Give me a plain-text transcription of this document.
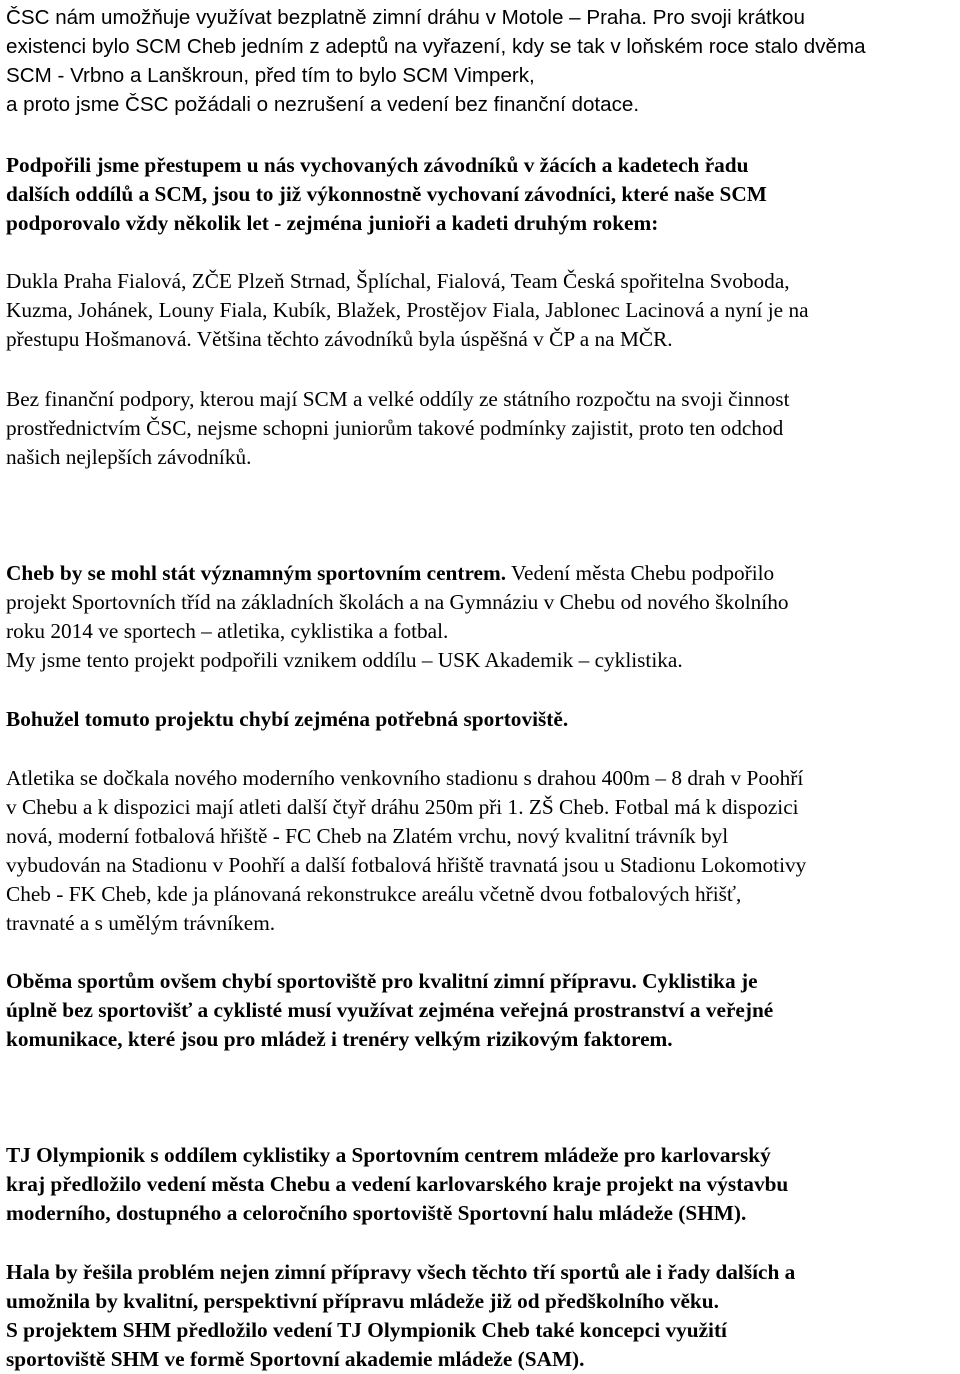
ČSC nám umožňuje využívat bezplatně zimní dráhu v Motole – Praha. Pro svoji krátkou

existenci bylo SCM Cheb jedním z adeptů na vyřazení, kdy se tak v loňském roce stalo dvěma

SCM - Vrbno a Lanškroun, před tím to bylo SCM Vimperk,

a proto jsme ČSC požádali o nezrušení a vedení bez finanční dotace.

Podpořili jsme přestupem u nás vychovaných závodníků v žácích a kadetech řadu

dalších oddílů a SCM, jsou to již výkonnostně vychovaní závodníci, které naše SCM

podporovalo vždy několik let - zejména junioři a kadeti druhým rokem:

Dukla Praha Fialová, ZČE Plzeň Strnad, Šplíchal, Fialová, Team Česká spořitelna Svoboda,

Kuzma, Johánek, Louny Fiala, Kubík, Blažek, Prostějov Fiala, Jablonec Lacinová a nyní je na

přestupu Hošmanová. Většina těchto závodníků byla úspěšná v ČP a na MČR.

Bez finanční podpory, kterou mají SCM a velké oddíly ze státního rozpočtu na svoji činnost

prostřednictvím ČSC, nejsme schopni juniorům takové podmínky zajistit, proto ten odchod

našich nejlepších závodníků.

Cheb by se mohl stát významným sportovním centrem. Vedení města Chebu podpořilo

projekt Sportovních tříd na základních školách a na Gymnáziu v Chebu od nového školního

roku 2014 ve sportech – atletika, cyklistika a fotbal.

My jsme tento projekt podpořili vznikem oddílu – USK Akademik – cyklistika.

Bohužel tomuto projektu chybí zejména potřebná sportoviště.

Atletika se dočkala nového moderního venkovního stadionu s drahou 400m – 8 drah v Poohří

v Chebu a k dispozici mají atleti další čtyř dráhu 250m při 1. ZŠ Cheb. Fotbal má k dispozici

nová, moderní fotbalová hřiště - FC Cheb na Zlatém vrchu, nový kvalitní trávník byl

vybudován na Stadionu v Poohří a další fotbalová hřiště travnatá jsou u Stadionu Lokomotivy

Cheb - FK Cheb, kde ja plánovaná rekonstrukce areálu včetně dvou fotbalových hřišť,

travnaté a s umělým trávníkem.

Oběma sportům ovšem chybí sportoviště pro kvalitní zimní přípravu. Cyklistika je

úplně bez sportovišť a cyklisté musí využívat zejména veřejná prostranství a veřejné

komunikace, které jsou pro mládež i trenéry velkým rizikovým faktorem.

TJ Olympionik s oddílem cyklistiky a Sportovním centrem mládeže pro karlovarský

kraj předložilo vedení města Chebu a vedení karlovarského kraje projekt na výstavbu

moderního, dostupného a celoročního sportoviště Sportovní halu mládeže (SHM).

Hala by řešila problém nejen zimní přípravy všech těchto tří sportů ale i řady dalších a

umožnila by kvalitní, perspektivní přípravu mládeže již od předškolního věku.

S projektem SHM předložilo vedení TJ Olympionik Cheb také koncepci využití

sportoviště SHM ve formě Sportovní akademie mládeže (SAM).
